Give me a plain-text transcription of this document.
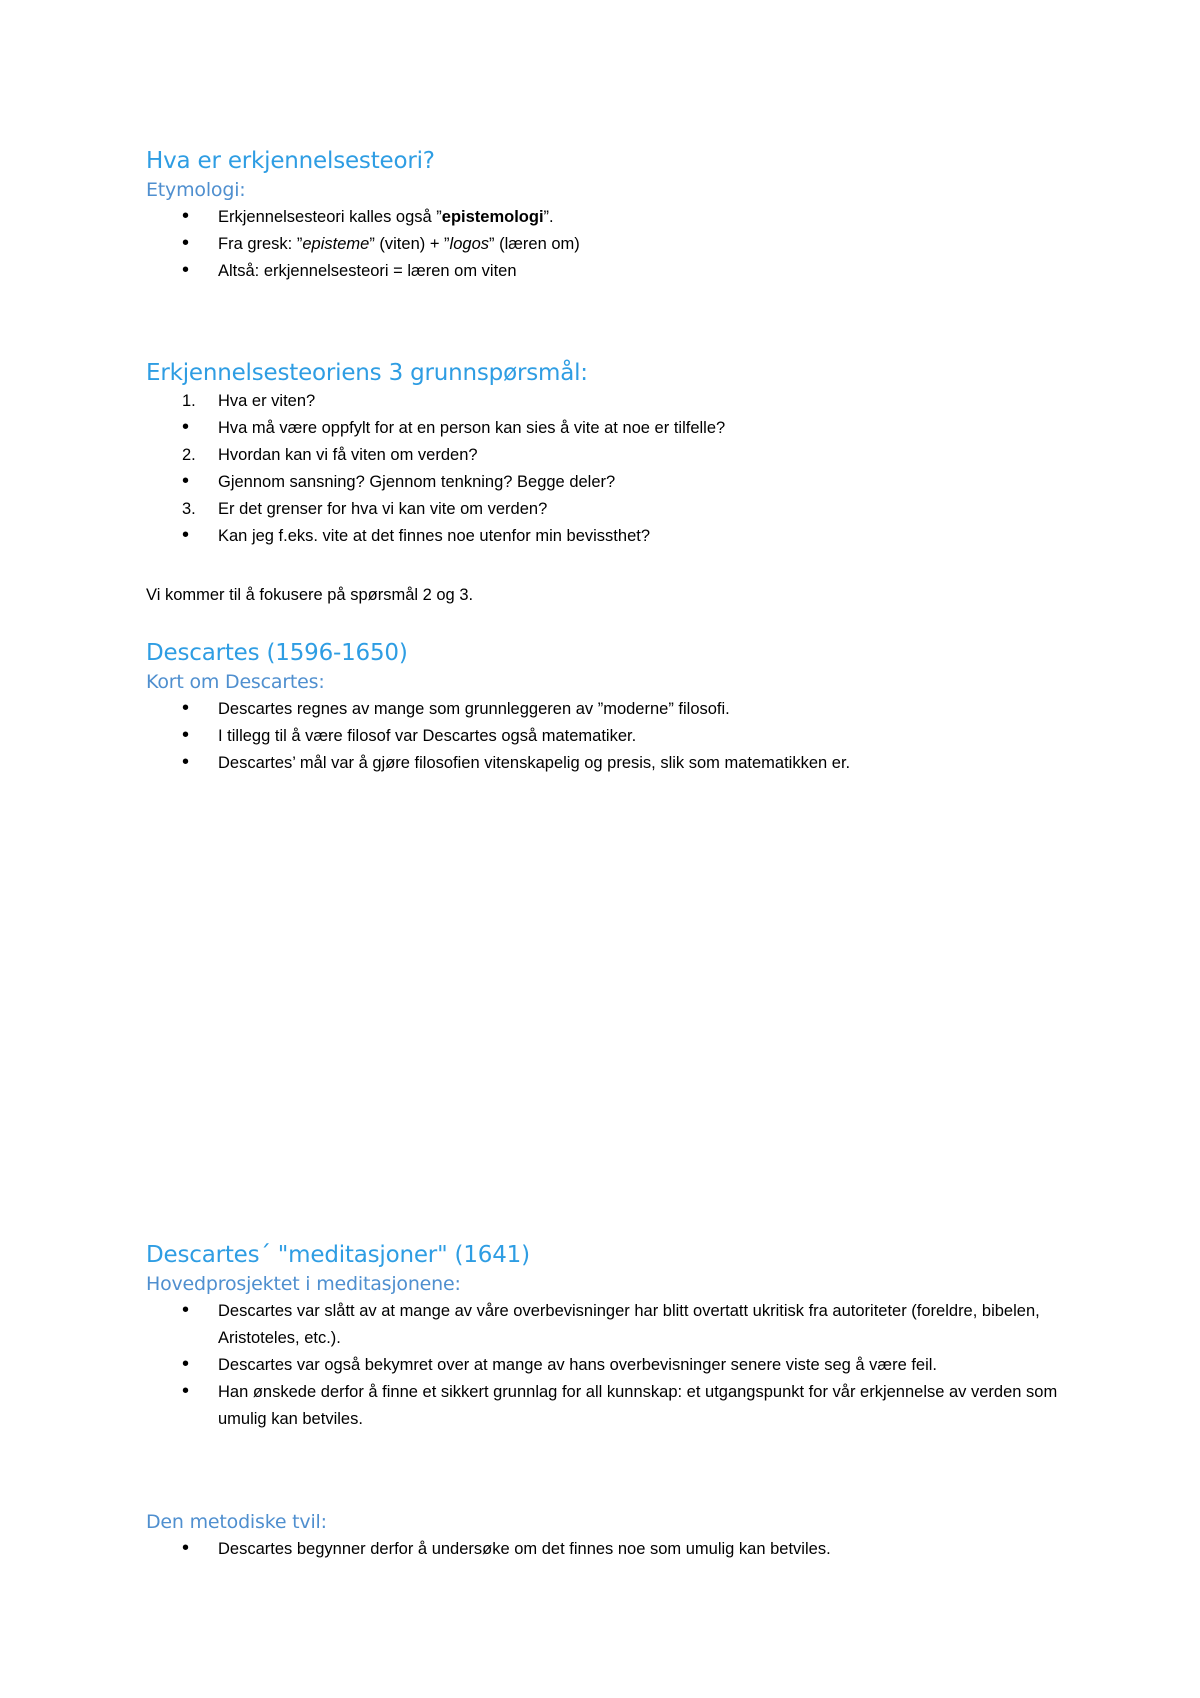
Hva er erkjennelsesteori?
Etymologi:
•	Erkjennelsesteori kalles også ”epistemologi”.
•	Fra gresk: ”episteme” (viten) + ”logos” (læren om)
•	Altså: erkjennelsesteori = læren om viten
Erkjennelsesteoriens 3 grunnspørsmål:
1.	Hva er viten?
•	Hva må være oppfylt for at en person kan sies å vite at noe er tilfelle?
2.	Hvordan kan vi få viten om verden?
•	Gjennom sansning? Gjennom tenkning? Begge deler?
3.	Er det grenser for hva vi kan vite om verden?
•	Kan jeg f.eks. vite at det finnes noe utenfor min bevissthet?

Vi kommer til å fokusere på spørsmål 2 og 3.

Descartes (1596-1650)
Kort om Descartes:
•	Descartes regnes av mange som grunnleggeren av ”moderne” filosofi.
•	I tillegg til å være filosof var Descartes også matematiker.
•	Descartes’ mål var å gjøre filosofien vitenskapelig og presis, slik som matematikken er.
Descartes´ "meditasjoner" (1641)
Hovedprosjektet i meditasjonene:
•	Descartes var slått av at mange av våre overbevisninger har blitt overtatt ukritisk fra autoriteter (foreldre, bibelen, Aristoteles, etc.).
•	Descartes var også bekymret over at mange av hans overbevisninger senere viste seg å være feil.
•	Han ønskede derfor å finne et sikkert grunnlag for all kunnskap: et utgangspunkt for vår erkjennelse av verden som umulig kan betviles.
Den metodiske tvil:
•	Descartes begynner derfor å undersøke om det finnes noe som umulig kan betviles.
